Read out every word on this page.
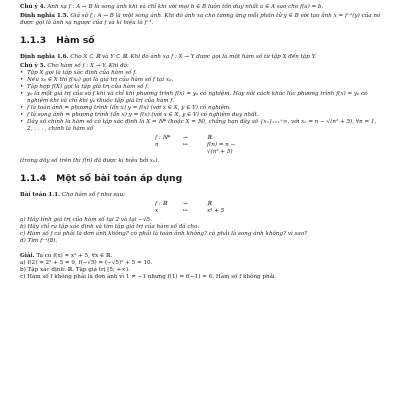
Chú ý 4. Ánh xạ f : A → B là song ánh khi và chỉ khi với mọi b ∈ B luôn tồn duy nhất a ∈ A sao cho f(a) = b.

Định nghĩa 1.5. Giả sử f : A → B là một song ánh. Khi đó ánh xạ cho tương ứng mỗi phần tử y ∈ B với tạo ảnh x = f⁻¹(y) của nó được gọi là ánh xạ ngược của f và kí hiệu là f⁻¹.

1.1.3 Hàm số

Định nghĩa 1.6. Cho X ⊂ ℝ và Y ⊂ ℝ. Khi đó ánh xạ f : X → Y được gọi là một hàm số từ tập X đến tập Y.

Chú ý 5. Cho hàm số f : X → Y. Khi đó:

• Tập X gọi là tập xác định của hàm số f.

• Nếu x₀ ∈ X thì f(x₀) gọi là giá trị của hàm số f tại x₀.

• Tập hợp f(X) gọi là tập giá trị của hàm số f.

• y₀ là một giá trị của số f khi và chỉ khi phương trình f(x) = y₀ có nghiệm. Hay nói cách khác lúc phương trình f(x) = y₀ có nghiệm khi và chỉ khi y₀ thuộc tập giá trị của hàm f.

• f là toàn ánh ⇔ phương trình (ẩn x) y = f(x) (với x ∈ X, y ∈ Y) có nghiệm.

• f là song ánh ⇔ phương trình (ẩn x) y = f(x) (với x ∈ X, y ∈ Y) có nghiệm duy nhất.

• Dãy số chính là hàm số có tập xác định là X = ℕ* (hoặc X = ℕ), chẳng hạn dãy số {xₙ}ₙ₌₁⁺∞, với xₙ = n − √(n² + 5), ∀n = 1, 2, . . . , chính là hàm số

f : ℕ*	→	ℝ
n	↦	f(n) = n − √(n² + 5)

(trong dãy số trên thì f(n) đã được kí hiệu bởi xₙ).

1.1.4 Một số bài toán áp dụng

Bài toán 1.1. Cho hàm số f như sau:

f : ℝ	→	ℝ
x	↦	x² + 5

a) Hãy tính giá trị của hàm số tại 2 và tại −√5.

b) Hãy chỉ ra tập xác định và tìm tập giá trị của hàm số đã cho.

c) Hàm số f có phải là đơn ánh không? có phải là toàn ánh không? có phải là song ánh không? vì sao?

d) Tìm f⁻¹(8).

Giải. Ta có f(x) = x² + 5, ∀x ∈ ℝ.

a) f(2) = 2² + 5 = 9, f(−√5) = (−√5)² + 5 = 10.

b) Tập xác định: ℝ. Tập giá trị [5; +∞).

c) Hàm số f không phải là đơn ánh vì 1 ≠ −1 nhưng f(1) = f(−1) = 6. Hàm số f không phải
